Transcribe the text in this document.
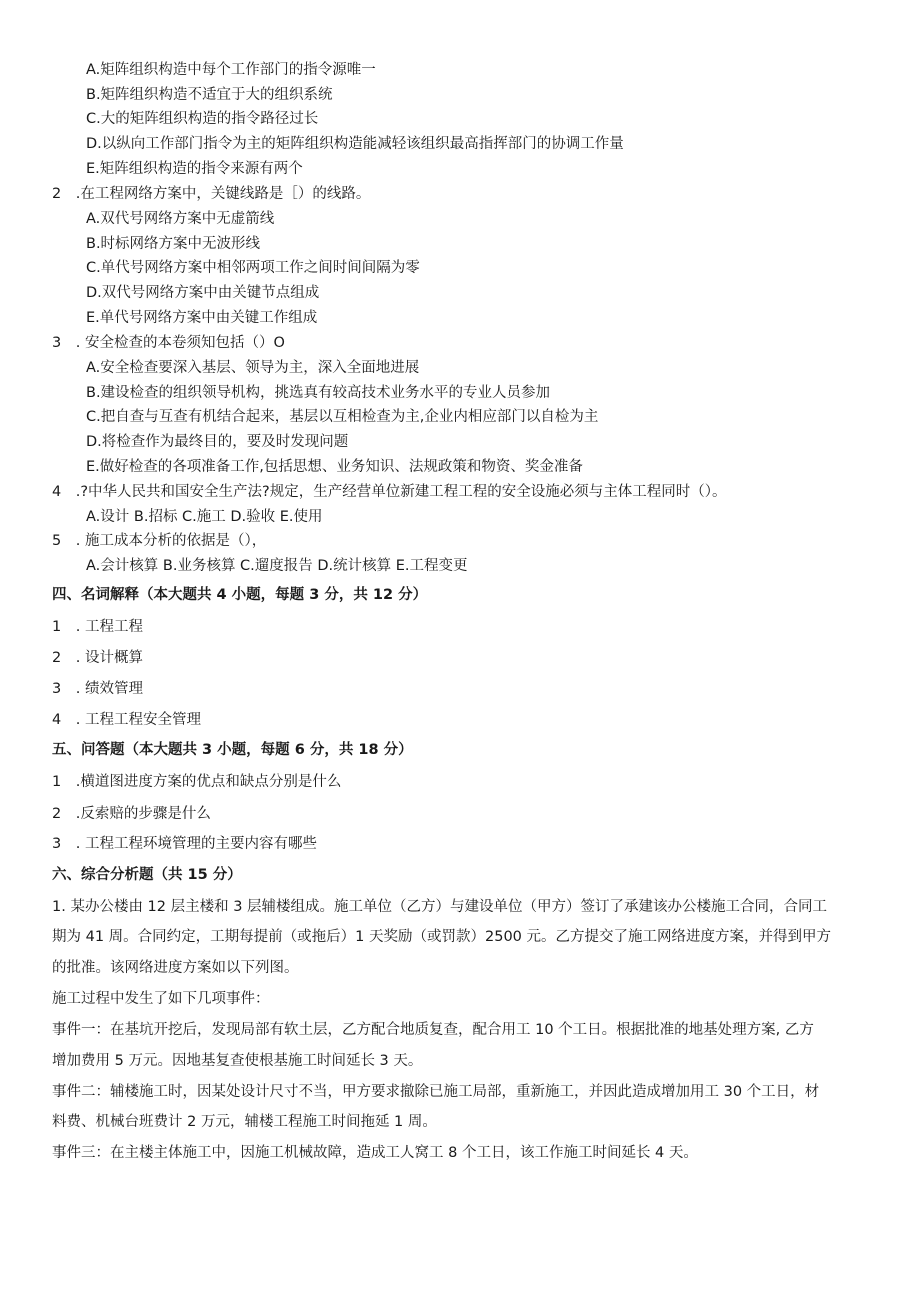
A.矩阵组织构造中每个工作部门的指令源唯一
B.矩阵组织构造不适宜于大的组织系统
C.大的矩阵组织构造的指令路径过长
D.以纵向工作部门指令为主的矩阵组织构造能减轻该组织最高指挥部门的协调工作量
E.矩阵组织构造的指令来源有两个
2　.在工程网络方案中，关键线路是［）的线路。
A.双代号网络方案中无虚箭线
B.时标网络方案中无波形线
C.单代号网络方案中相邻两项工作之间时间间隔为零
D.双代号网络方案中由关键节点组成
E.单代号网络方案中由关键工作组成
3　. 安全检查的本卷须知包括（）O
A.安全检查要深入基层、领导为主，深入全面地进展
B.建设检查的组织领导机构，挑选真有较高技术业务水平的专业人员参加
C.把自查与互查有机结合起来，基层以互相检查为主,企业内相应部门以自检为主
D.将检查作为最终目的，要及时发现问题
E.做好检查的各项准备工作,包括思想、业务知识、法规政策和物资、奖金准备
4　.?中华人民共和国安全生产法?规定，生产经营单位新建工程工程的安全设施必须与主体工程同时（）。
A.设计 B.招标 C.施工 D.验收 E.使用
5　. 施工成本分析的依据是（），
A.会计核算 B.业务核算 C.遛度报告 D.统计核算 E.工程变更
四、名词解释（本大题共 4 小题，每题 3 分，共 12 分）
1　. 工程工程
2　. 设计概算
3　. 绩效管理
4　. 工程工程安全管理
五、问答题（本大题共 3 小题，每题 6 分，共 18 分）
1　.横道图进度方案的优点和缺点分别是什么
2　.反索赔的步骤是什么
3　. 工程工程环境管理的主要内容有哪些
六、综合分析题（共 15 分）
1. 某办公楼由 12 层主楼和 3 层辅楼组成。施工单位（乙方）与建设单位（甲方）签订了承建该办公楼施工合同，合同工
期为 41 周。合同约定，工期每提前（或拖后）1 天奖励（或罚款）2500 元。乙方提交了施工网络进度方案，并得到甲方
的批准。该网络进度方案如以下列图。
施工过程中发生了如下几项事件：
事件一：在基坑开挖后，发现局部有软土层，乙方配合地质复查，配合用工 10 个工日。根据批准的地基处理方案, 乙方
增加费用 5 万元。因地基复查使根基施工时间延长 3 天。
事件二：辅楼施工时，因某处设计尺寸不当，甲方要求撤除已施工局部，重新施工，并因此造成增加用工 30 个工日，材
料费、机械台班费计 2 万元，辅楼工程施工时间拖延 1 周。
事件三：在主楼主体施工中，因施工机械故障，造成工人窝工 8 个工日，该工作施工时间延长 4 天。
